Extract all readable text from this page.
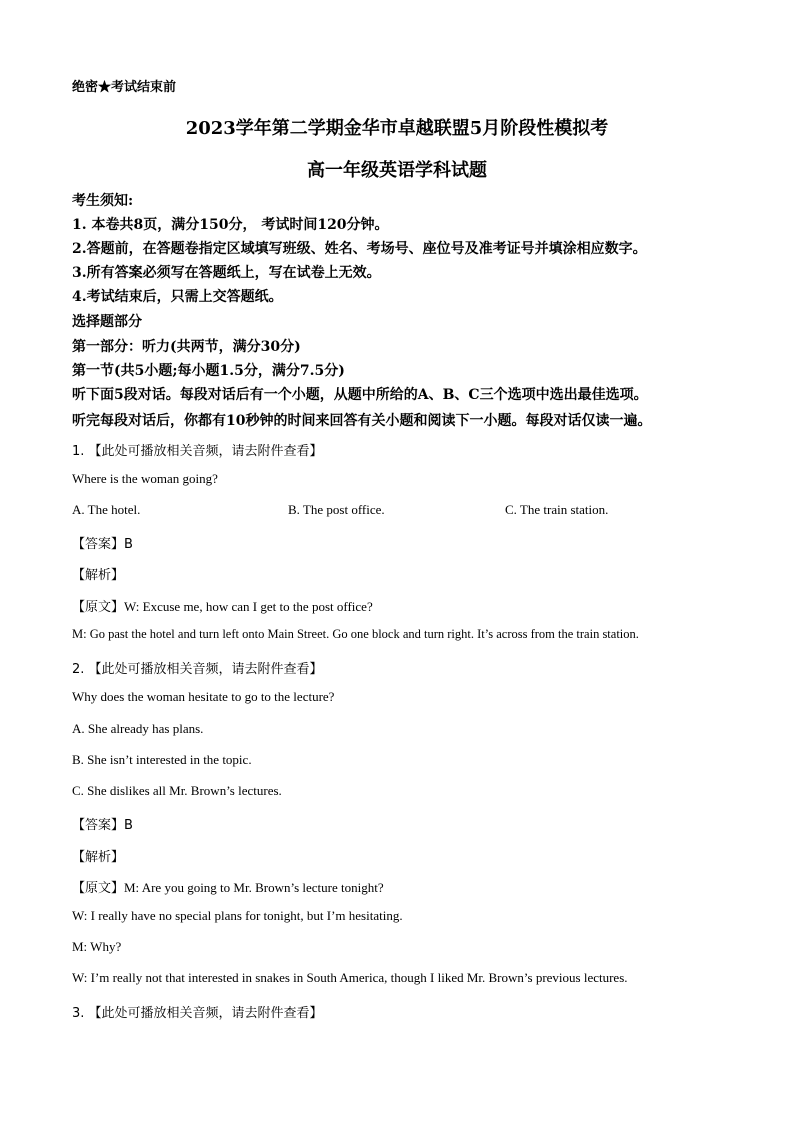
绝密★考试结束前
2023学年第二学期金华市卓越联盟5月阶段性模拟考
高一年级英语学科试题
考生须知:
1. 本卷共8页，满分150分， 考试时间120分钟。
2.答题前，在答题卷指定区域填写班级、姓名、考场号、座位号及准考证号并填涂相应数字。
3.所有答案必须写在答题纸上，写在试卷上无效。
4.考试结束后，只需上交答题纸。
选择题部分
第一部分：听力(共两节，满分30分)
第一节(共5小题;每小题1.5分，满分7.5分)
听下面5段对话。每段对话后有一个小题，从题中所给的A、B、C三个选项中选出最佳选项。
听完每段对话后，你都有10秒钟的时间来回答有关小题和阅读下一小题。每段对话仅读一遍。
1. 【此处可播放相关音频，请去附件查看】
Where is the woman going?
A. The hotel.	B. The post office.	C. The train station.
【答案】B
【解析】
【原文】W: Excuse me, how can I get to the post office?
M: Go past the hotel and turn left onto Main Street. Go one block and turn right. It’s across from the train station.
2. 【此处可播放相关音频，请去附件查看】
Why does the woman hesitate to go to the lecture?
A. She already has plans.
B. She isn’t interested in the topic.
C. She dislikes all Mr. Brown’s lectures.
【答案】B
【解析】
【原文】M: Are you going to Mr. Brown’s lecture tonight?
W: I really have no special plans for tonight, but I’m hesitating.
M: Why?
W: I’m really not that interested in snakes in South America, though I liked Mr. Brown’s previous lectures.
3. 【此处可播放相关音频，请去附件查看】
